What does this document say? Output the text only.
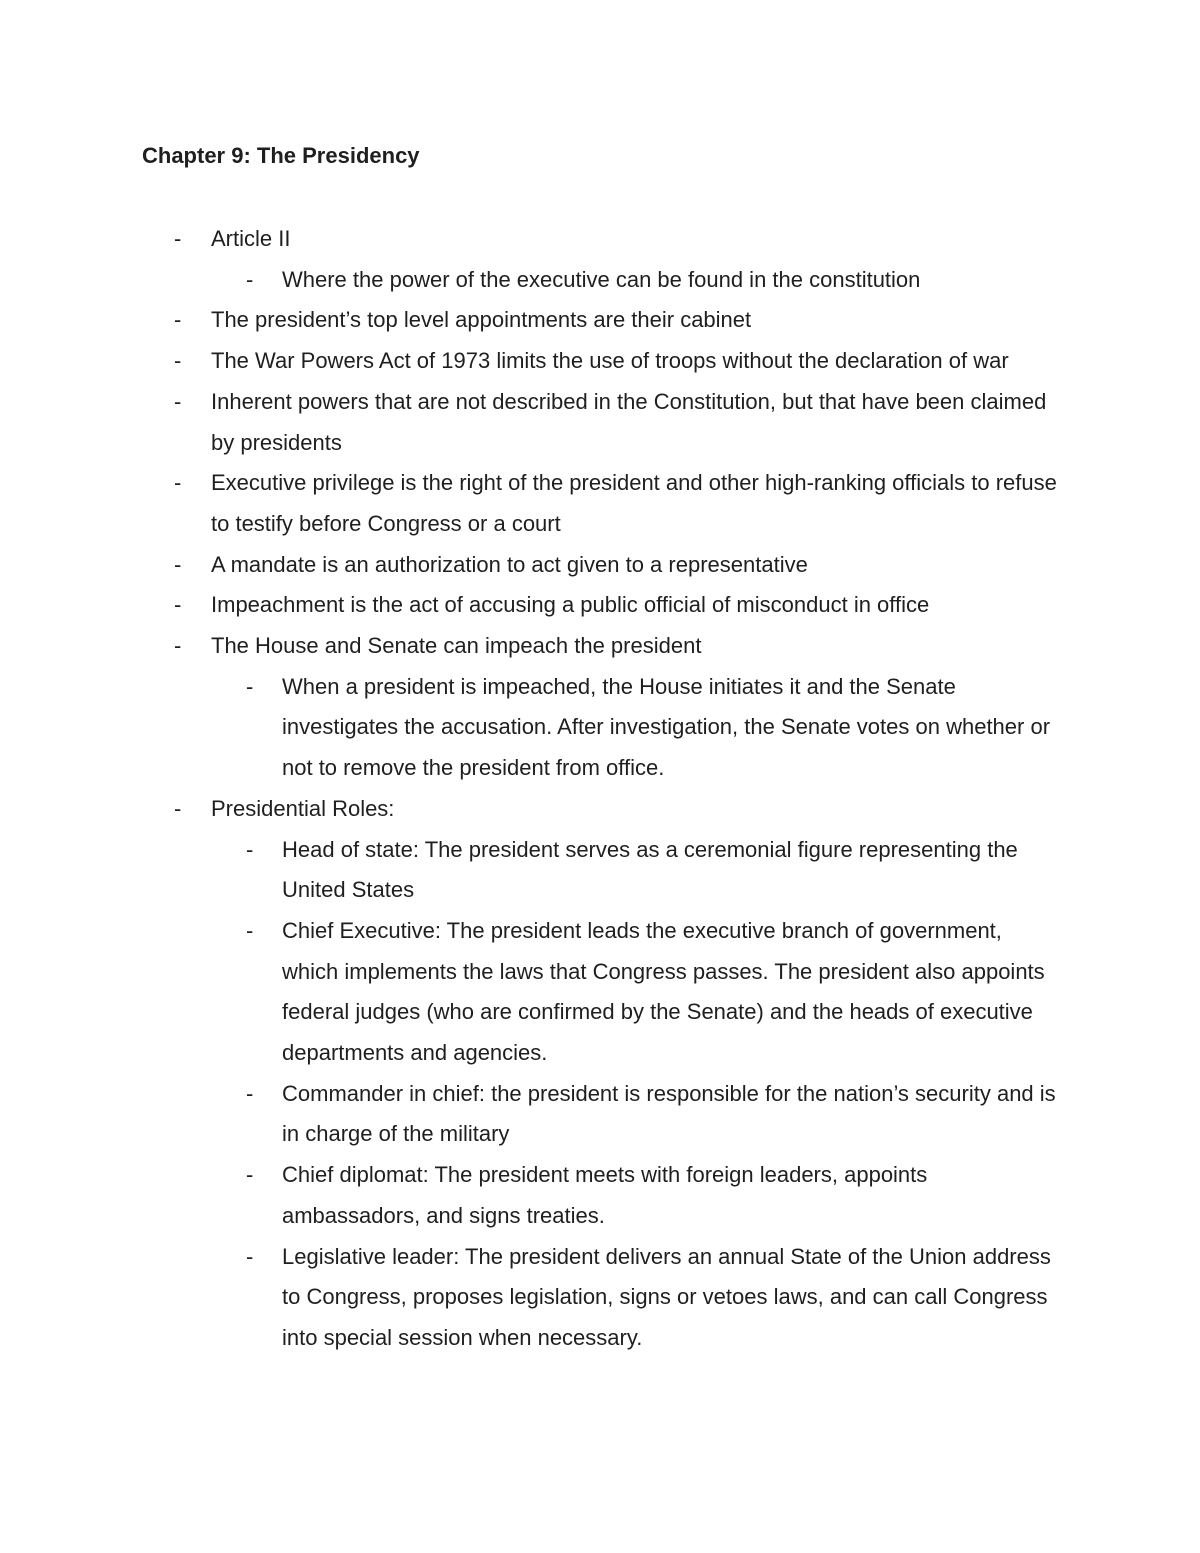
Chapter 9: The Presidency
- Article II
- Where the power of the executive can be found in the constitution
- The president’s top level appointments are their cabinet
- The War Powers Act of 1973 limits the use of troops without the declaration of war
- Inherent powers that are not described in the Constitution, but that have been claimed by presidents
- Executive privilege is the right of the president and other high-ranking officials to refuse to testify before Congress or a court
- A mandate is an authorization to act given to a representative
- Impeachment is the act of accusing a public official of misconduct in office
- The House and Senate can impeach the president
- When a president is impeached, the House initiates it and the Senate investigates the accusation. After investigation, the Senate votes on whether or not to remove the president from office.
- Presidential Roles:
- Head of state: The president serves as a ceremonial figure representing the United States
- Chief Executive: The president leads the executive branch of government, which implements the laws that Congress passes. The president also appoints federal judges (who are confirmed by the Senate) and the heads of executive departments and agencies.
- Commander in chief: the president is responsible for the nation’s security and is in charge of the military
- Chief diplomat: The president meets with foreign leaders, appoints ambassadors, and signs treaties.
- Legislative leader: The president delivers an annual State of the Union address to Congress, proposes legislation, signs or vetoes laws, and can call Congress into special session when necessary.
